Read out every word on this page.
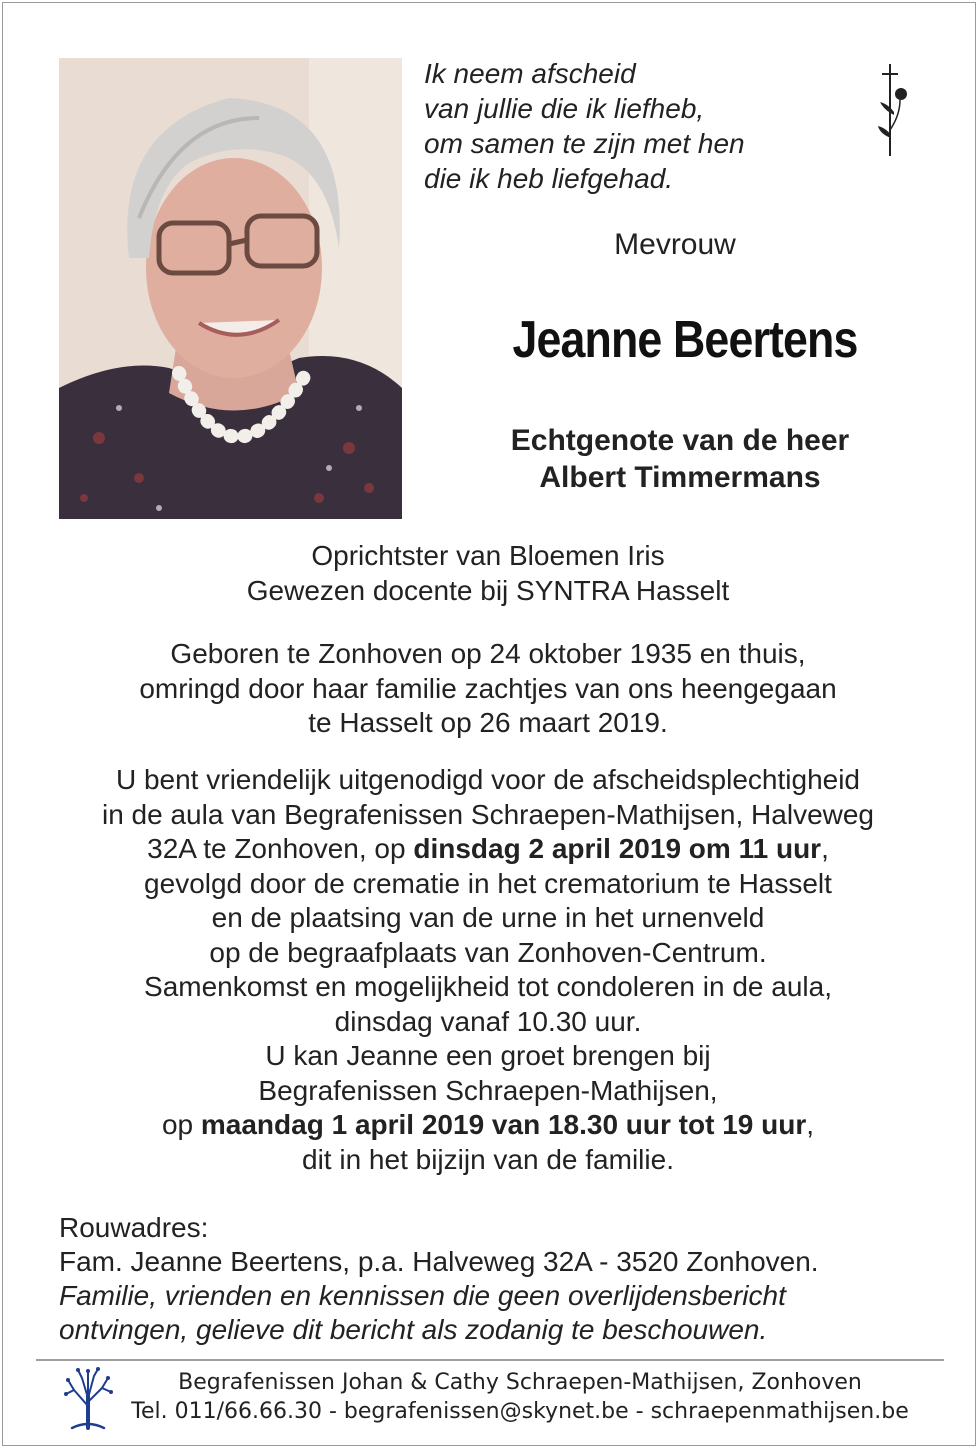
Ik neem afscheid
van jullie die ik liefheb,
om samen te zijn met hen
die ik heb liefgehad.
Mevrouw
Jeanne Beertens
Echtgenote van de heer
Albert Timmermans
Oprichtster van Bloemen Iris
Gewezen docente bij SYNTRA Hasselt
Geboren te Zonhoven op 24 oktober 1935 en thuis,
omringd door haar familie zachtjes van ons heengegaan
te Hasselt op 26 maart 2019.
U bent vriendelijk uitgenodigd voor de afscheidsplechtigheid
in de aula van Begrafenissen Schraepen-Mathijsen, Halveweg
32A te Zonhoven, op dinsdag 2 april 2019 om 11 uur,
gevolgd door de crematie in het crematorium te Hasselt
en de plaatsing van de urne in het urnenveld
op de begraafplaats van Zonhoven-Centrum.
Samenkomst en mogelijkheid tot condoleren in de aula,
dinsdag vanaf 10.30 uur.
U kan Jeanne een groet brengen bij
Begrafenissen Schraepen-Mathijsen,
op maandag 1 april 2019 van 18.30 uur tot 19 uur,
dit in het bijzijn van de familie.
Rouwadres:
Fam. Jeanne Beertens, p.a. Halveweg 32A - 3520 Zonhoven.
Familie, vrienden en kennissen die geen overlijdensbericht
ontvingen, gelieve dit bericht als zodanig te beschouwen.
Begrafenissen Johan & Cathy Schraepen-Mathijsen, Zonhoven
Tel. 011/66.66.30 - begrafenissen@skynet.be - schraepenmathijsen.be
